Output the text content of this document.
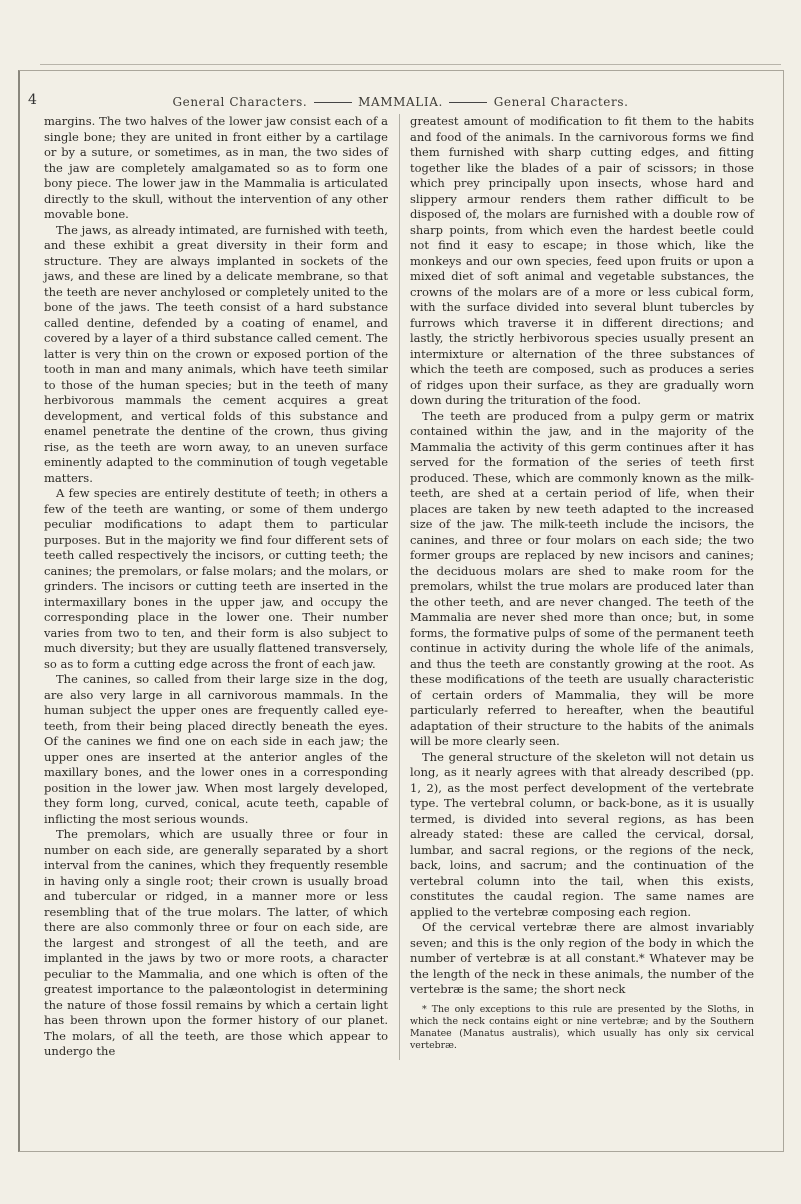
4	General Characters.	MAMMALIA.	General Characters.

margins. The two halves of the lower jaw consist each of a single bone; they are united in front either by a cartilage or by a suture, or sometimes, as in man, the two sides of the jaw are completely amalgamated so as to form one bony piece. The lower jaw in the Mammalia is articulated directly to the skull, without the intervention of any other movable bone.

The jaws, as already intimated, are furnished with teeth, and these exhibit a great diversity in their form and structure. They are always implanted in sockets of the jaws, and these are lined by a delicate membrane, so that the teeth are never anchylosed or completely united to the bone of the jaws. The teeth consist of a hard substance called dentine, defended by a coating of enamel, and covered by a layer of a third substance called cement. The latter is very thin on the crown or exposed portion of the tooth in man and many animals, which have teeth similar to those of the human species; but in the teeth of many herbivorous mammals the cement acquires a great development, and vertical folds of this substance and enamel penetrate the dentine of the crown, thus giving rise, as the teeth are worn away, to an uneven surface eminently adapted to the comminution of tough vegetable matters.

A few species are entirely destitute of teeth; in others a few of the teeth are wanting, or some of them undergo peculiar modifications to adapt them to particular purposes. But in the majority we find four different sets of teeth called respectively the incisors, or cutting teeth; the canines; the premolars, or false molars; and the molars, or grinders. The incisors or cutting teeth are inserted in the intermaxillary bones in the upper jaw, and occupy the corresponding place in the lower one. Their number varies from two to ten, and their form is also subject to much diversity; but they are usually flattened transversely, so as to form a cutting edge across the front of each jaw.

The canines, so called from their large size in the dog, are also very large in all carnivorous mammals. In the human subject the upper ones are frequently called eye-teeth, from their being placed directly beneath the eyes. Of the canines we find one on each side in each jaw; the upper ones are inserted at the anterior angles of the maxillary bones, and the lower ones in a corresponding position in the lower jaw. When most largely developed, they form long, curved, conical, acute teeth, capable of inflicting the most serious wounds.

The premolars, which are usually three or four in number on each side, are generally separated by a short interval from the canines, which they frequently resemble in having only a single root; their crown is usually broad and tubercular or ridged, in a manner more or less resembling that of the true molars. The latter, of which there are also commonly three or four on each side, are the largest and strongest of all the teeth, and are implanted in the jaws by two or more roots, a character peculiar to the Mammalia, and one which is often of the greatest importance to the palæontologist in determining the nature of those fossil remains by which a certain light has been thrown upon the former history of our planet. The molars, of all the teeth, are those which appear to undergo the

greatest amount of modification to fit them to the habits and food of the animals. In the carnivorous forms we find them furnished with sharp cutting edges, and fitting together like the blades of a pair of scissors; in those which prey principally upon insects, whose hard and slippery armour renders them rather difficult to be disposed of, the molars are furnished with a double row of sharp points, from which even the hardest beetle could not find it easy to escape; in those which, like the monkeys and our own species, feed upon fruits or upon a mixed diet of soft animal and vegetable substances, the crowns of the molars are of a more or less cubical form, with the surface divided into several blunt tubercles by furrows which traverse it in different directions; and lastly, the strictly herbivorous species usually present an intermixture or alternation of the three substances of which the teeth are composed, such as produces a series of ridges upon their surface, as they are gradually worn down during the trituration of the food.

The teeth are produced from a pulpy germ or matrix contained within the jaw, and in the majority of the Mammalia the activity of this germ continues after it has served for the formation of the series of teeth first produced. These, which are commonly known as the milk-teeth, are shed at a certain period of life, when their places are taken by new teeth adapted to the increased size of the jaw. The milk-teeth include the incisors, the canines, and three or four molars on each side; the two former groups are replaced by new incisors and canines; the deciduous molars are shed to make room for the premolars, whilst the true molars are produced later than the other teeth, and are never changed. The teeth of the Mammalia are never shed more than once; but, in some forms, the formative pulps of some of the permanent teeth continue in activity during the whole life of the animals, and thus the teeth are constantly growing at the root. As these modifications of the teeth are usually characteristic of certain orders of Mammalia, they will be more particularly referred to hereafter, when the beautiful adaptation of their structure to the habits of the animals will be more clearly seen.

The general structure of the skeleton will not detain us long, as it nearly agrees with that already described (pp. 1, 2), as the most perfect development of the vertebrate type. The vertebral column, or back-bone, as it is usually termed, is divided into several regions, as has been already stated: these are called the cervical, dorsal, lumbar, and sacral regions, or the regions of the neck, back, loins, and sacrum; and the continuation of the vertebral column into the tail, when this exists, constitutes the caudal region. The same names are applied to the vertebræ composing each region.

Of the cervical vertebræ there are almost invariably seven; and this is the only region of the body in which the number of vertebræ is at all constant.* Whatever may be the length of the neck in these animals, the number of the vertebræ is the same; the short neck

* The only exceptions to this rule are presented by the Sloths, in which the neck contains eight or nine vertebræ; and by the Southern Manatee (Manatus australis), which usually has only six cervical vertebræ.
